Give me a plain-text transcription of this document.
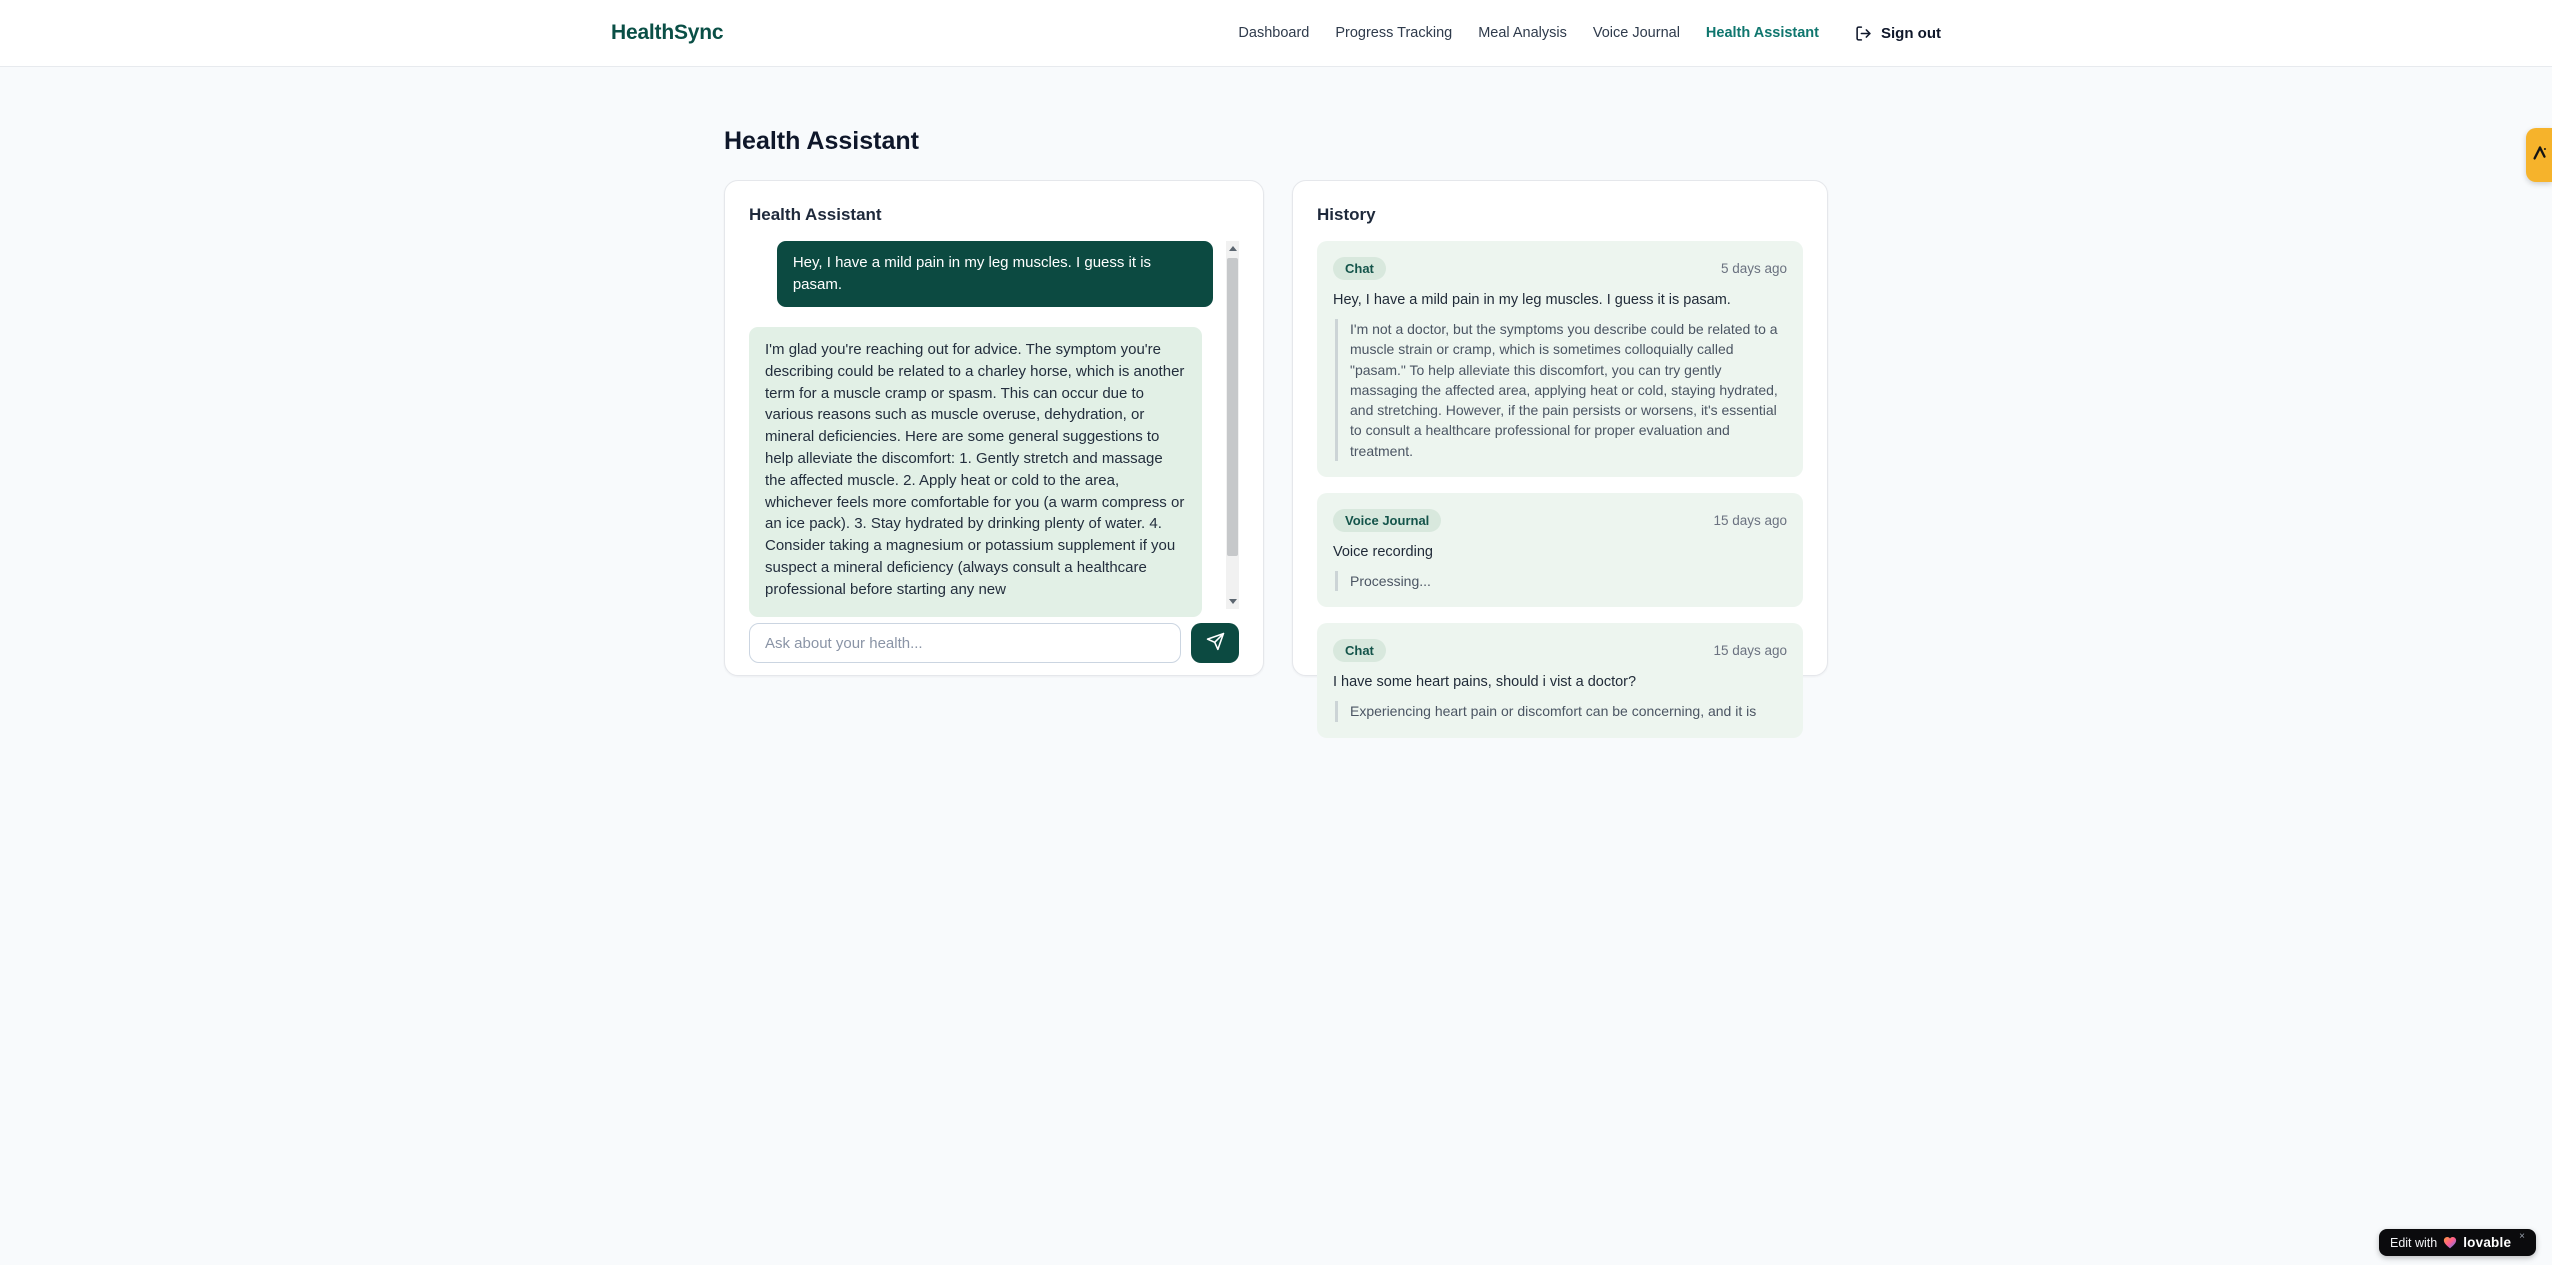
HealthSync	Dashboard Progress Tracking Meal Analysis Voice Journal Health Assistant	Sign out
Health Assistant
Health Assistant
Hey, I have a mild pain in my leg muscles. I guess it is pasam.
I'm glad you're reaching out for advice. The symptom you're describing could be related to a charley horse, which is another term for a muscle cramp or spasm. This can occur due to various reasons such as muscle overuse, dehydration, or mineral deficiencies. Here are some general suggestions to help alleviate the discomfort: 1. Gently stretch and massage the affected muscle. 2. Apply heat or cold to the area, whichever feels more comfortable for you (a warm compress or an ice pack). 3. Stay hydrated by drinking plenty of water. 4. Consider taking a magnesium or potassium supplement if you suspect a mineral deficiency (always consult a healthcare professional before starting any new
Ask about your health...
History
Chat	5 days ago
Hey, I have a mild pain in my leg muscles. I guess it is pasam.
I'm not a doctor, but the symptoms you describe could be related to a muscle strain or cramp, which is sometimes colloquially called "pasam." To help alleviate this discomfort, you can try gently massaging the affected area, applying heat or cold, staying hydrated, and stretching. However, if the pain persists or worsens, it's essential to consult a healthcare professional for proper evaluation and treatment.
Voice Journal	15 days ago
Voice recording
Processing...
Chat	15 days ago
I have some heart pains, should i vist a doctor?
Experiencing heart pain or discomfort can be concerning, and it is
Edit with lovable ×
